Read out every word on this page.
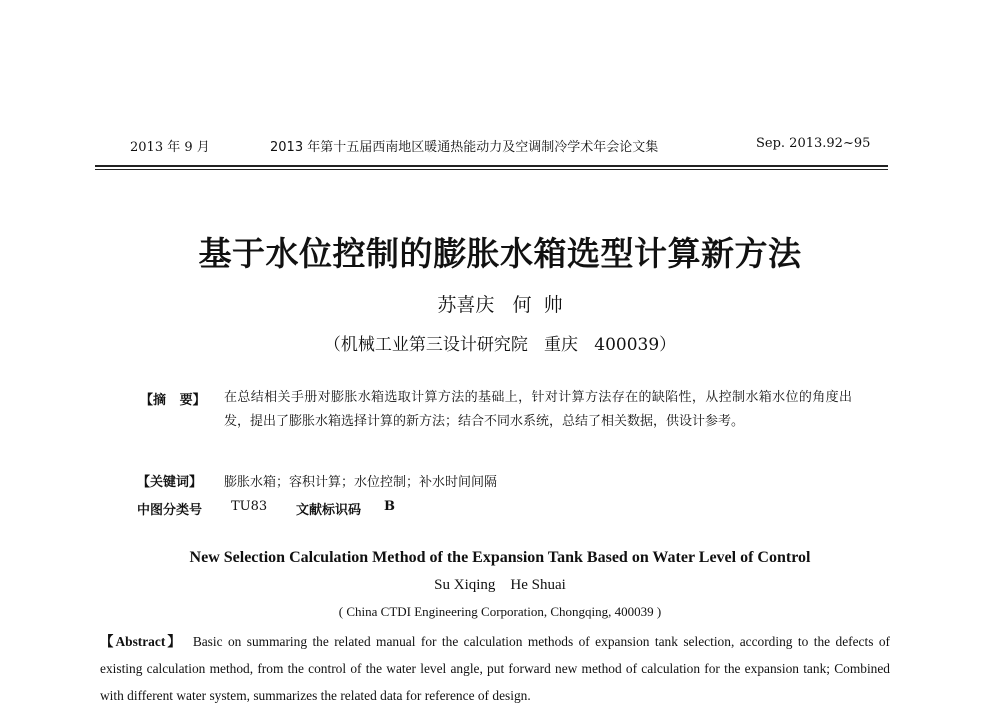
2013 年 9 月	2013 年第十五届西南地区暖通热能动力及空调制冷学术年会论文集	Sep. 2013.92~95
基于水位控制的膨胀水箱选型计算新方法
苏喜庆   何  帅
（机械工业第三设计研究院   重庆   400039）
【摘   要】 在总结相关手册对膨胀水箱选取计算方法的基础上，针对计算方法存在的缺陷性，从控制水箱水位的角度出发，提出了膨胀水箱选择计算的新方法；结合不同水系统，总结了相关数据，供设计参考。
【关键词】 膨胀水箱；容积计算；水位控制；补水时间间隔
中图分类号 TU83 文献标识码 B
New Selection Calculation Method of the Expansion Tank Based on Water Level of Control
Su Xiqing    He Shuai
( China CTDI Engineering Corporation, Chongqing, 400039 )
【Abstract】 Basic on summaring the related manual for the calculation methods of expansion tank selection, according to the defects of existing calculation method, from the control of the water level angle, put forward new method of calculation for the expansion tank; Combined with different water system, summarizes the related data for reference of design.
